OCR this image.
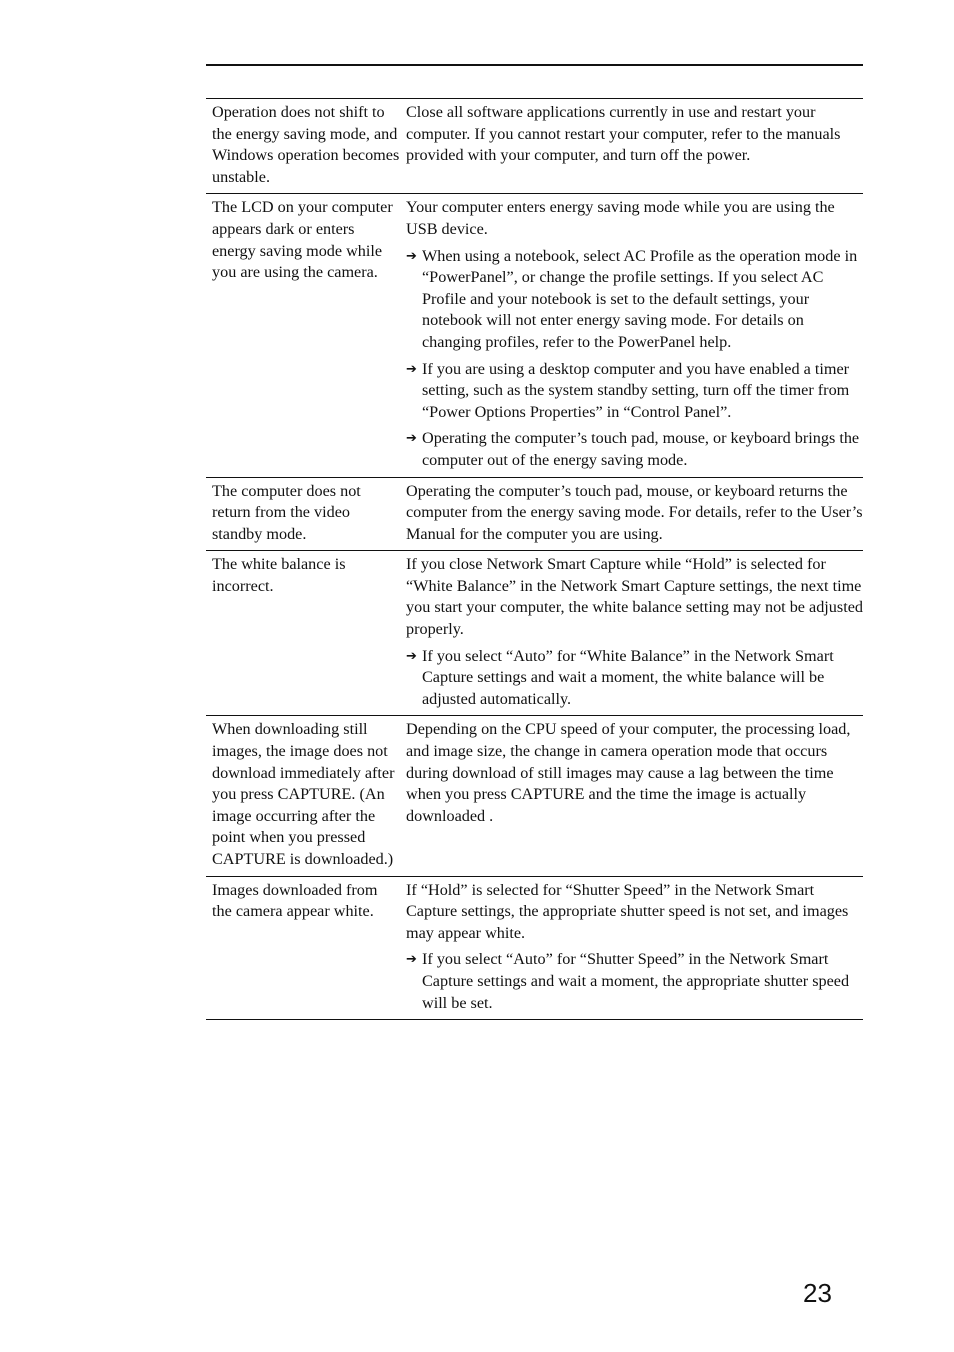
Operation does not shift to the energy saving mode, and Windows operation becomes unstable.

Close all software applications currently in use and restart your computer. If you cannot restart your computer, refer to the manuals provided with your computer, and turn off the power.

The LCD on your computer appears dark or enters energy saving mode while you are using the camera.

Your computer enters energy saving mode while you are using the USB device.

➔ When using a notebook, select AC Profile as the operation mode in “PowerPanel”, or change the profile settings. If you select AC Profile and your notebook is set to the default settings, your notebook will not enter energy saving mode. For details on changing profiles, refer to the PowerPanel help.
➔ If you are using a desktop computer and you have enabled a timer setting, such as the system standby setting, turn off the timer from “Power Options Properties” in “Control Panel”.
➔ Operating the computer’s touch pad, mouse, or keyboard brings the computer out of the energy saving mode.
The computer does not return from the video standby mode.

Operating the computer’s touch pad, mouse, or keyboard returns the computer from the energy saving mode. For details, refer to the User’s Manual for the computer you are using.

The white balance is incorrect.

If you close Network Smart Capture while “Hold” is selected for “White Balance” in the Network Smart Capture settings, the next time you start your computer, the white balance setting may not be adjusted properly.

➔ If you select “Auto” for “White Balance” in the Network Smart Capture settings and wait a moment, the white balance will be adjusted automatically.
When downloading still images, the image does not download immediately after you press CAPTURE. (An image occurring after the point when you pressed CAPTURE is downloaded.)

Depending on the CPU speed of your computer, the processing load, and image size, the change in camera operation mode that occurs during download of still images may cause a lag between the time when you press CAPTURE and the time the image is actually downloaded .

Images downloaded from the camera appear white.

If “Hold” is selected for “Shutter Speed” in the Network Smart Capture settings, the appropriate shutter speed is not set, and images may appear white.

➔ If you select “Auto” for “Shutter Speed” in the Network Smart Capture settings and wait a moment, the appropriate shutter speed will be set.
23
